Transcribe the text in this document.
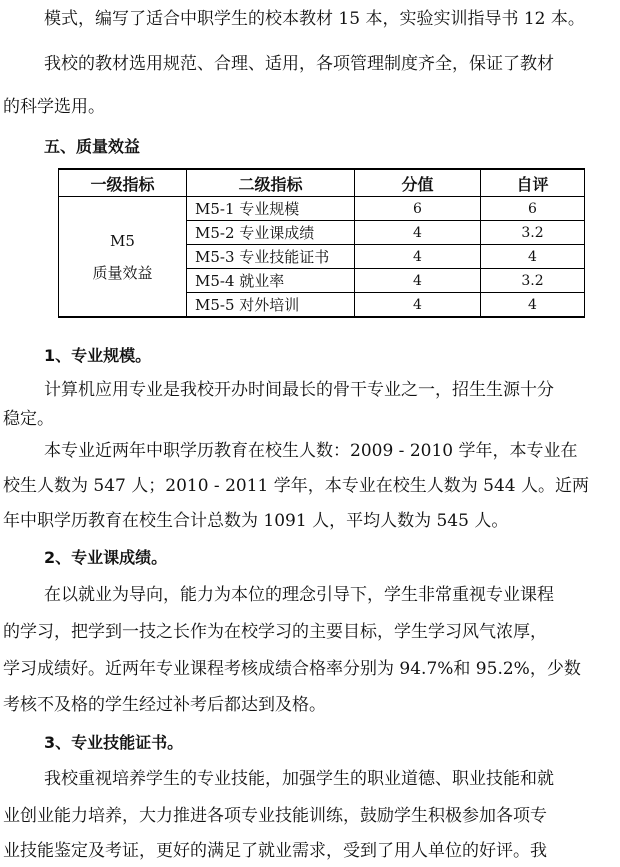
模式，编写了适合中职学生的校本教材 15 本，实验实训指导书 12 本。
我校的教材选用规范、合理、适用，各项管理制度齐全，保证了教材
的科学选用。
五、质量效益
一级指标	二级指标	分值	自评

M5
质量效益	M5-1 专业规模	6	6
	M5-2 专业课成绩	4	3.2
	M5-3 专业技能证书	4	4
	M5-4 就业率	4	3.2
	M5-5 对外培训	4	4
1、专业规模。
计算机应用专业是我校开办时间最长的骨干专业之一，招生生源十分
稳定。
本专业近两年中职学历教育在校生人数：2009 - 2010 学年，本专业在
校生人数为 547 人；2010 - 2011 学年，本专业在校生人数为 544 人。近两
年中职学历教育在校生合计总数为 1091 人，平均人数为 545 人。
2、专业课成绩。
在以就业为导向，能力为本位的理念引导下，学生非常重视专业课程
的学习，把学到一技之长作为在校学习的主要目标，学生学习风气浓厚，
学习成绩好。近两年专业课程考核成绩合格率分别为 94.7%和 95.2%，少数
考核不及格的学生经过补考后都达到及格。
3、专业技能证书。
我校重视培养学生的专业技能，加强学生的职业道德、职业技能和就
业创业能力培养，大力推进各项专业技能训练，鼓励学生积极参加各项专
业技能鉴定及考证，更好的满足了就业需求，受到了用人单位的好评。我
